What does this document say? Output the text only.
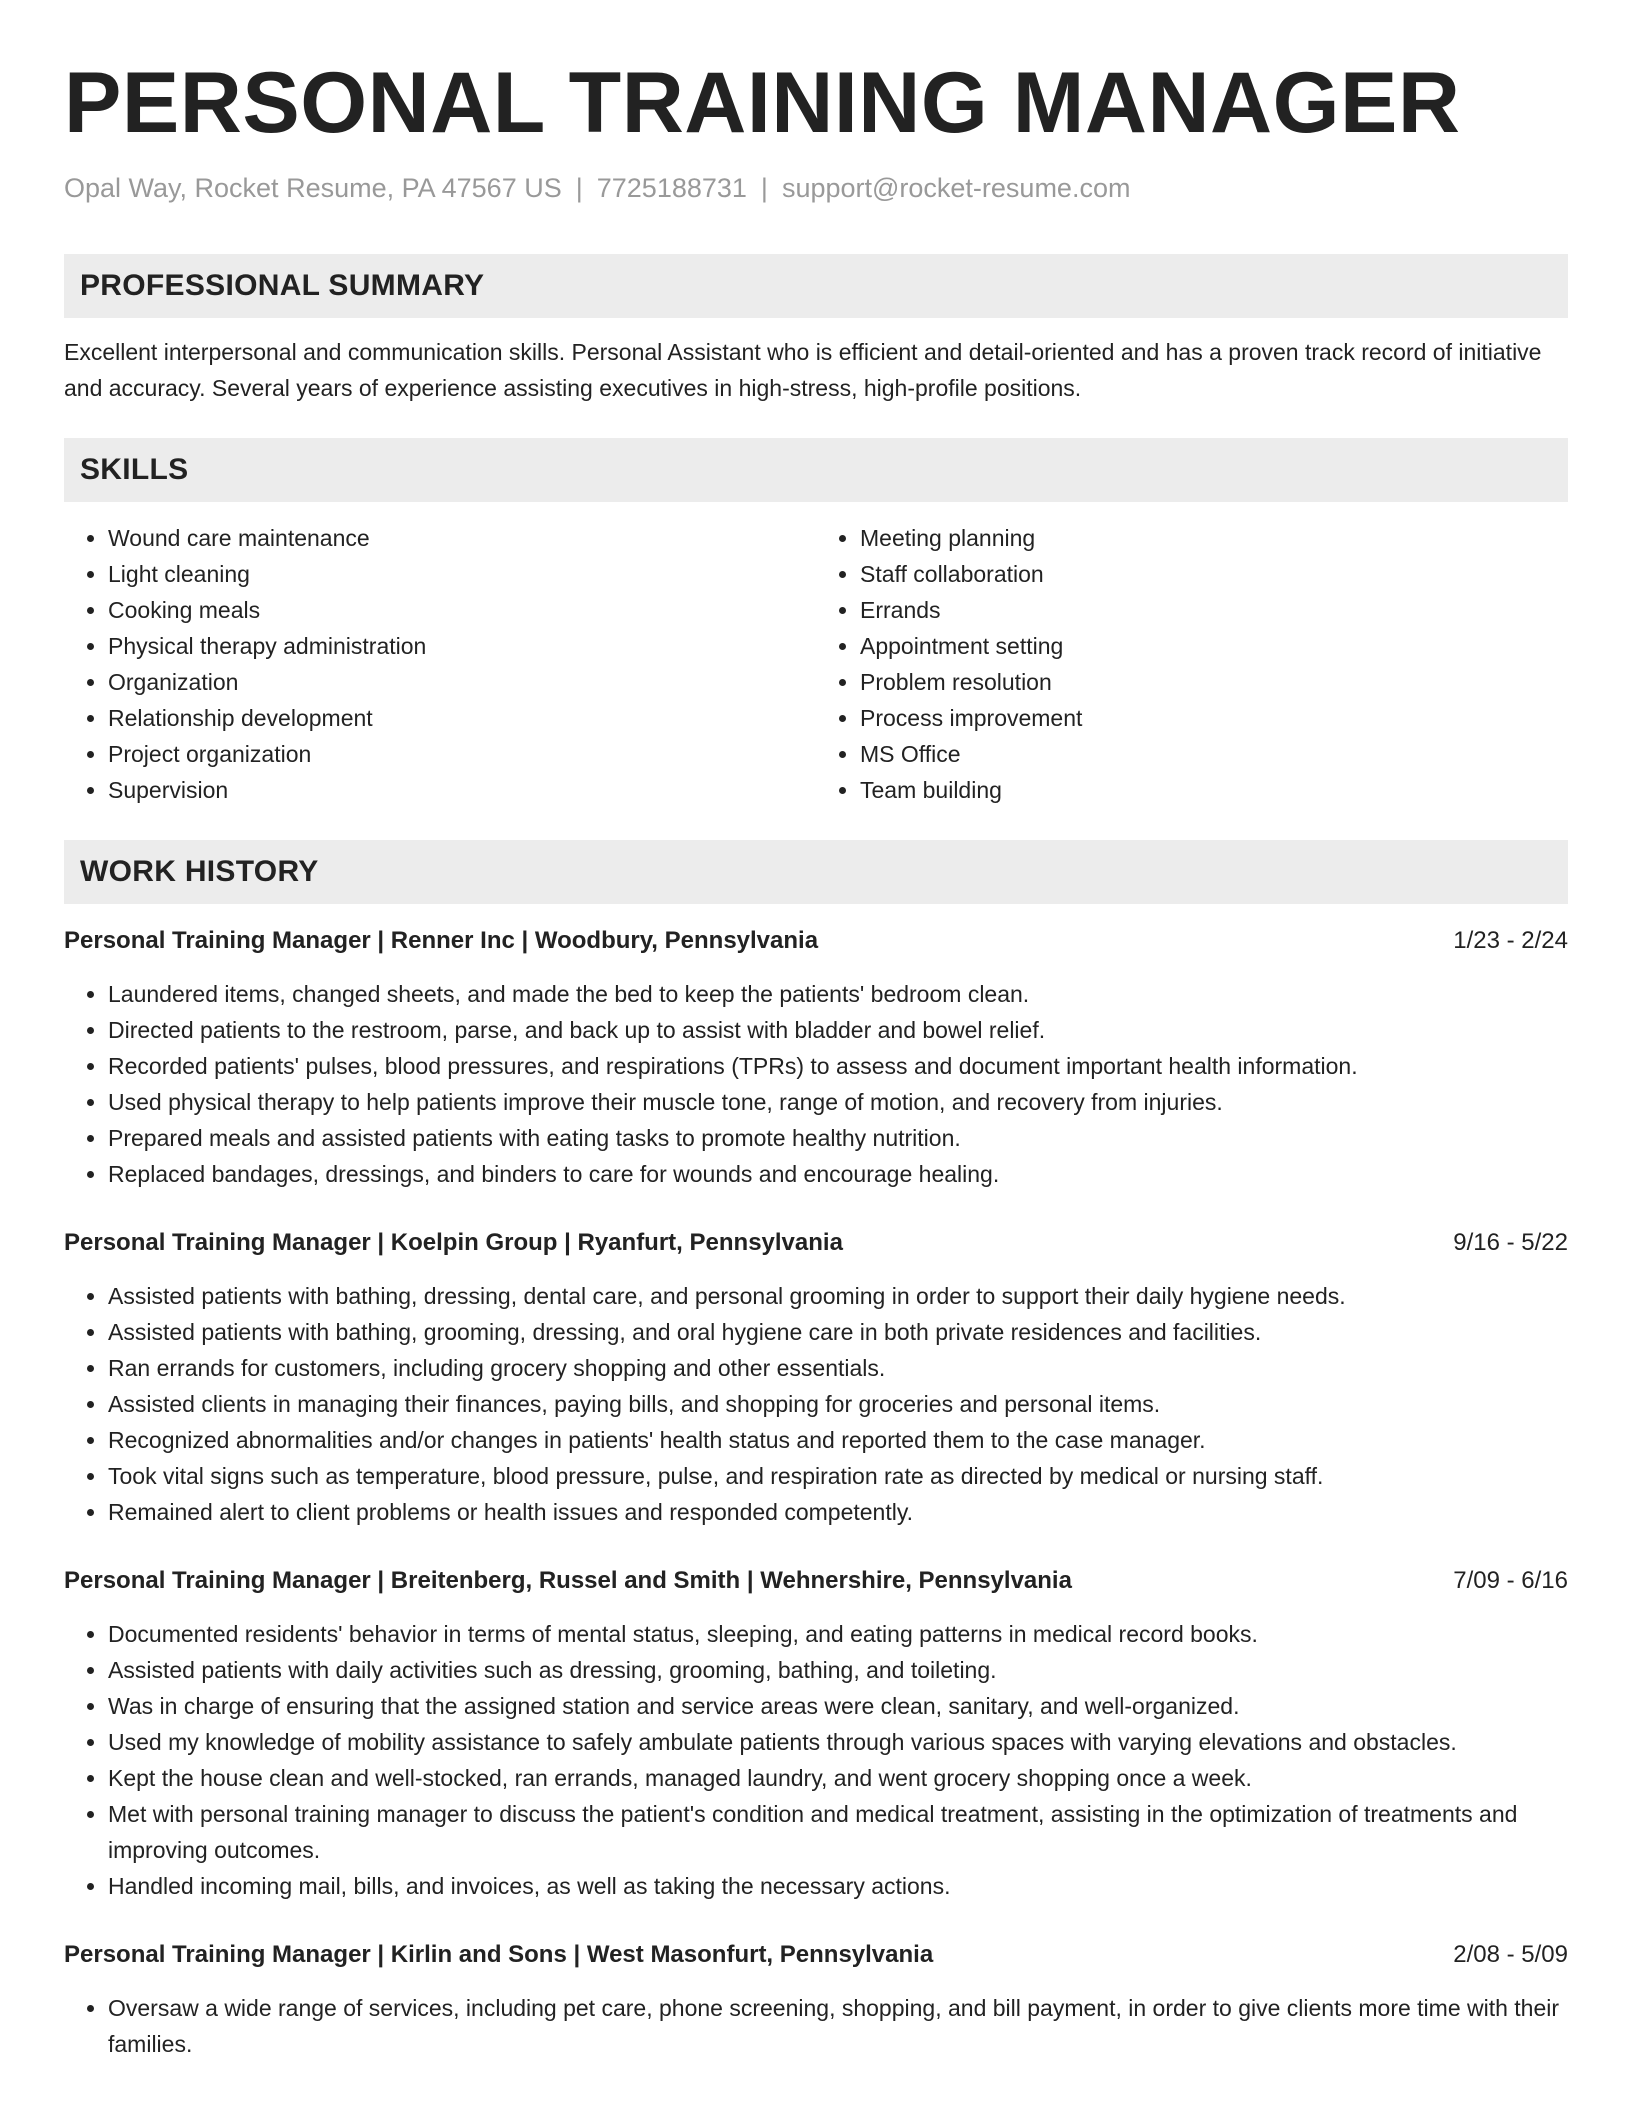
PERSONAL TRAINING MANAGER
Opal Way, Rocket Resume, PA 47567 US | 7725188731 | support@rocket-resume.com
PROFESSIONAL SUMMARY

Excellent interpersonal and communication skills. Personal Assistant who is efficient and detail-oriented and has a proven track record of initiative and accuracy. Several years of experience assisting executives in high-stress, high-profile positions.

SKILLS
• Wound care maintenance
• Light cleaning
• Cooking meals
• Physical therapy administration
• Organization
• Relationship development
• Project organization
• Supervision
• Meeting planning
• Staff collaboration
• Errands
• Appointment setting
• Problem resolution
• Process improvement
• MS Office
• Team building
WORK HISTORY
Personal Training Manager | Renner Inc | Woodbury, Pennsylvania	1/23 - 2/24
• Laundered items, changed sheets, and made the bed to keep the patients' bedroom clean.
• Directed patients to the restroom, parse, and back up to assist with bladder and bowel relief.
• Recorded patients' pulses, blood pressures, and respirations (TPRs) to assess and document important health information.
• Used physical therapy to help patients improve their muscle tone, range of motion, and recovery from injuries.
• Prepared meals and assisted patients with eating tasks to promote healthy nutrition.
• Replaced bandages, dressings, and binders to care for wounds and encourage healing.
Personal Training Manager | Koelpin Group | Ryanfurt, Pennsylvania	9/16 - 5/22
• Assisted patients with bathing, dressing, dental care, and personal grooming in order to support their daily hygiene needs.
• Assisted patients with bathing, grooming, dressing, and oral hygiene care in both private residences and facilities.
• Ran errands for customers, including grocery shopping and other essentials.
• Assisted clients in managing their finances, paying bills, and shopping for groceries and personal items.
• Recognized abnormalities and/or changes in patients' health status and reported them to the case manager.
• Took vital signs such as temperature, blood pressure, pulse, and respiration rate as directed by medical or nursing staff.
• Remained alert to client problems or health issues and responded competently.
Personal Training Manager | Breitenberg, Russel and Smith | Wehnershire, Pennsylvania	7/09 - 6/16
• Documented residents' behavior in terms of mental status, sleeping, and eating patterns in medical record books.
• Assisted patients with daily activities such as dressing, grooming, bathing, and toileting.
• Was in charge of ensuring that the assigned station and service areas were clean, sanitary, and well-organized.
• Used my knowledge of mobility assistance to safely ambulate patients through various spaces with varying elevations and obstacles.
• Kept the house clean and well-stocked, ran errands, managed laundry, and went grocery shopping once a week.
• Met with personal training manager to discuss the patient's condition and medical treatment, assisting in the optimization of treatments and improving outcomes.
• Handled incoming mail, bills, and invoices, as well as taking the necessary actions.
Personal Training Manager | Kirlin and Sons | West Masonfurt, Pennsylvania	2/08 - 5/09
• Oversaw a wide range of services, including pet care, phone screening, shopping, and bill payment, in order to give clients more time with their families.
